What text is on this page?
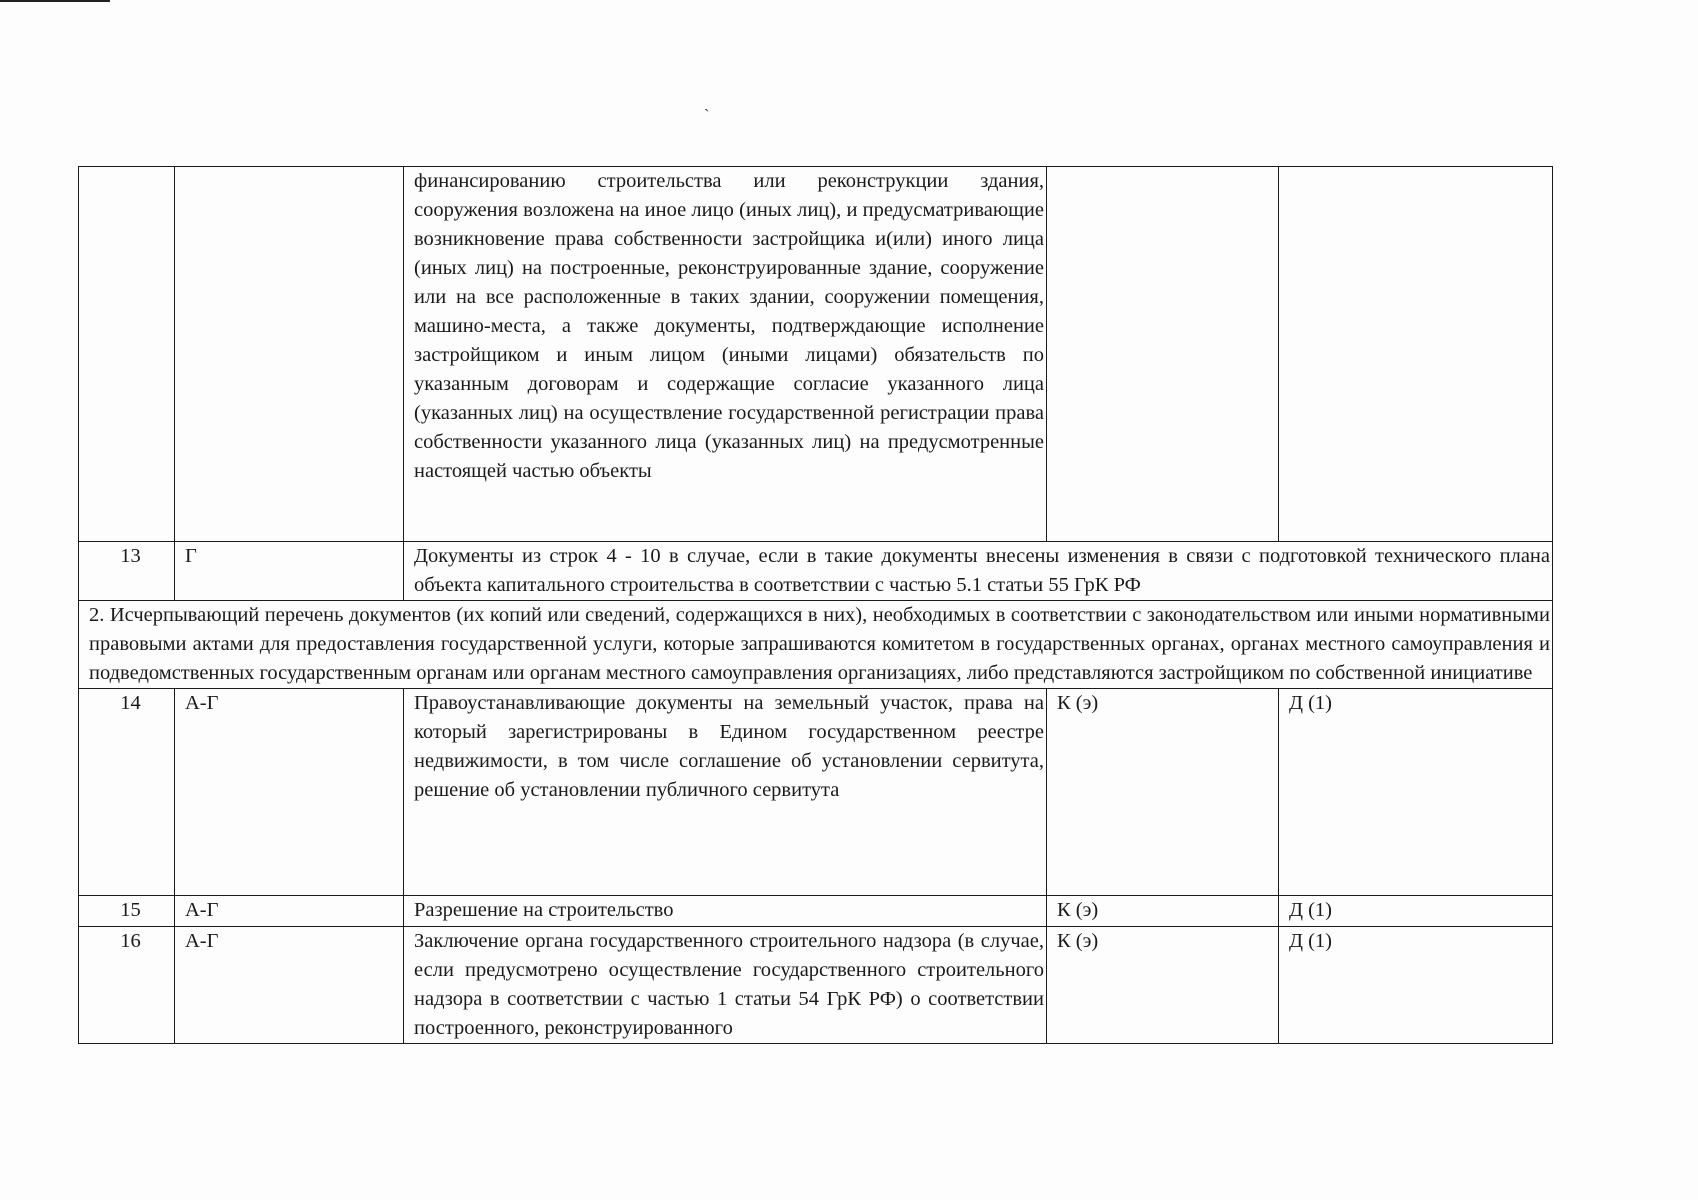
ˏ
		финансированию строительства или реконструкции здания, сооружения возложена на иное лицо (иных лиц), и предусматривающие возникновение права собственности застройщика и(или) иного лица (иных лиц) на построенные, реконструированные здание, сооружение или на все расположенные в таких здании, сооружении помещения, машино-места, а также документы, подтверждающие исполнение застройщиком и иным лицом (иными лицами) обязательств по указанным договорам и содержащие согласие указанного лица (указанных лиц) на осуществление государственной регистрации права собственности указанного лица (указанных лиц) на предусмотренные настоящей частью объекты		
13	Г	Документы из строк 4 - 10 в случае, если в такие документы внесены изменения в связи с подготовкой технического плана объекта капитального строительства в соответствии с частью 5.1 статьи 55 ГрК РФ		
2. Исчерпывающий перечень документов (их копий или сведений, содержащихся в них), необходимых в соответствии с законодательством или иными нормативными правовыми актами для предоставления государственной услуги, которые запрашиваются комитетом в государственных органах, органах местного самоуправления и подведомственных государственным органам или органам местного самоуправления организациях, либо представляются застройщиком по собственной инициативе				
14	А-Г	Правоустанавливающие документы на земельный участок, права на который зарегистрированы в Едином государственном реестре недвижимости, в том числе соглашение об установлении сервитута, решение об установлении публичного сервитута	К (э)	Д (1)
15	А-Г	Разрешение на строительство	К (э)	Д (1)
16	А-Г	Заключение органа государственного строительного надзора (в случае, если предусмотрено осуществление государственного строительного надзора в соответствии с частью 1 статьи 54 ГрК РФ) о соответствии построенного, реконструированного	К (э)	Д (1)
